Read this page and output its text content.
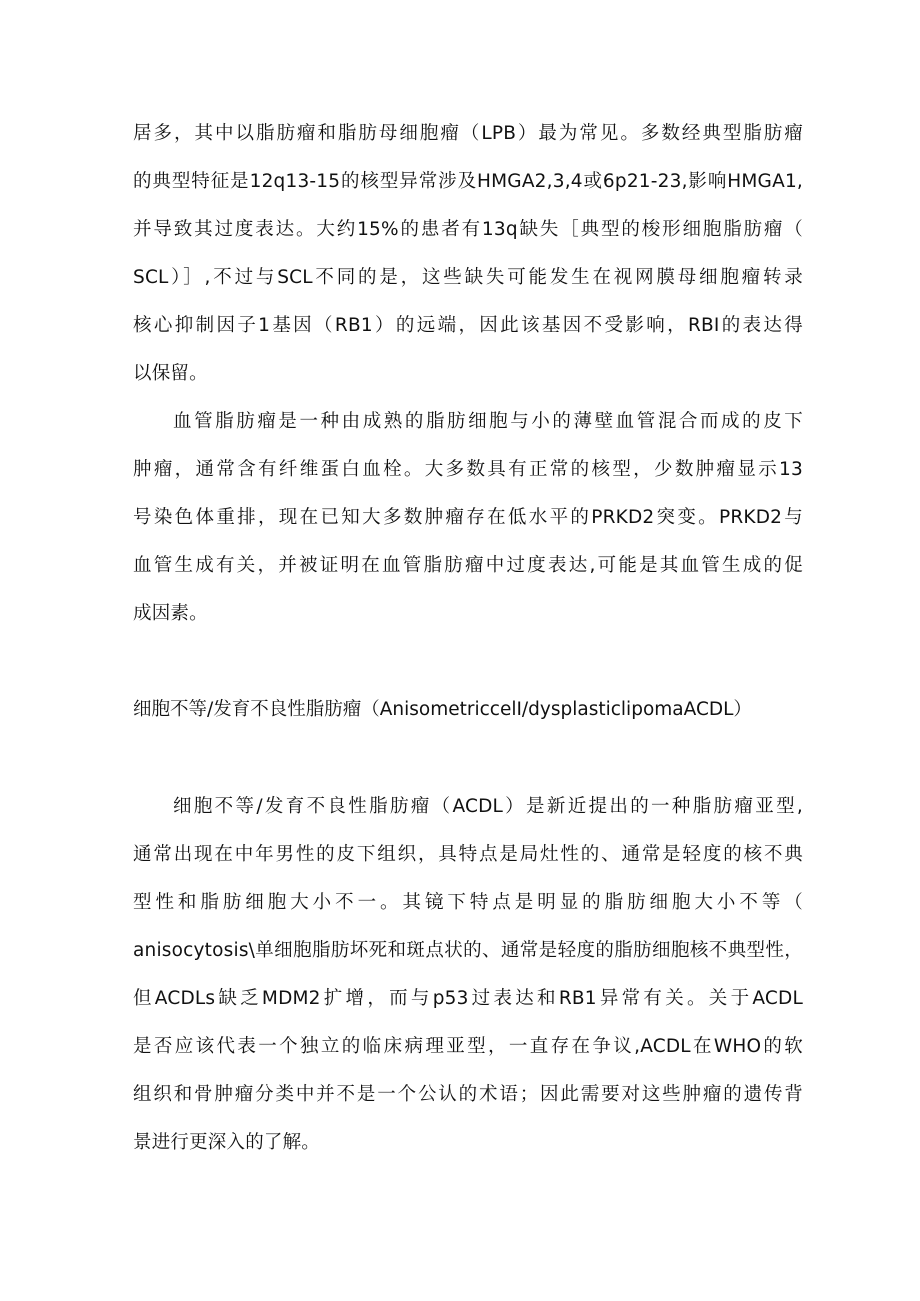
居多，其中以脂肪瘤和脂肪母细胞瘤（LPB）最为常见。多数经典型脂肪瘤
的典型特征是12q13-15的核型异常涉及HMGA2,3,4或6p21-23,影响HMGA1,
并导致其过度表达。大约15%的患者有13q缺失［典型的梭形细胞脂肪瘤（
SCL）］,不过与SCL不同的是，这些缺失可能发生在视网膜母细胞瘤转录
核心抑制因子1基因（RB1）的远端，因此该基因不受影响，RBI的表达得
以保留。
血管脂肪瘤是一种由成熟的脂肪细胞与小的薄壁血管混合而成的皮下
肿瘤，通常含有纤维蛋白血栓。大多数具有正常的核型，少数肿瘤显示13
号染色体重排，现在已知大多数肿瘤存在低水平的PRKD2突变。PRKD2与
血管生成有关，并被证明在血管脂肪瘤中过度表达,可能是其血管生成的促
成因素。
细胞不等/发育不良性脂肪瘤（AnisometriccelI/dysplasticlipomaACDL）
细胞不等/发育不良性脂肪瘤（ACDL）是新近提出的一种脂肪瘤亚型,
通常出现在中年男性的皮下组织，具特点是局灶性的、通常是轻度的核不典
型性和脂肪细胞大小不一。其镜下特点是明显的脂肪细胞大小不等（
anisocytosis\单细胞脂肪坏死和斑点状的、通常是轻度的脂肪细胞核不典型性，
但ACDLs缺乏MDM2扩增，而与p53过表达和RB1异常有关。关于ACDL
是否应该代表一个独立的临床病理亚型，一直存在争议,ACDL在WHO的软
组织和骨肿瘤分类中并不是一个公认的术语；因此需要对这些肿瘤的遗传背
景进行更深入的了解。
